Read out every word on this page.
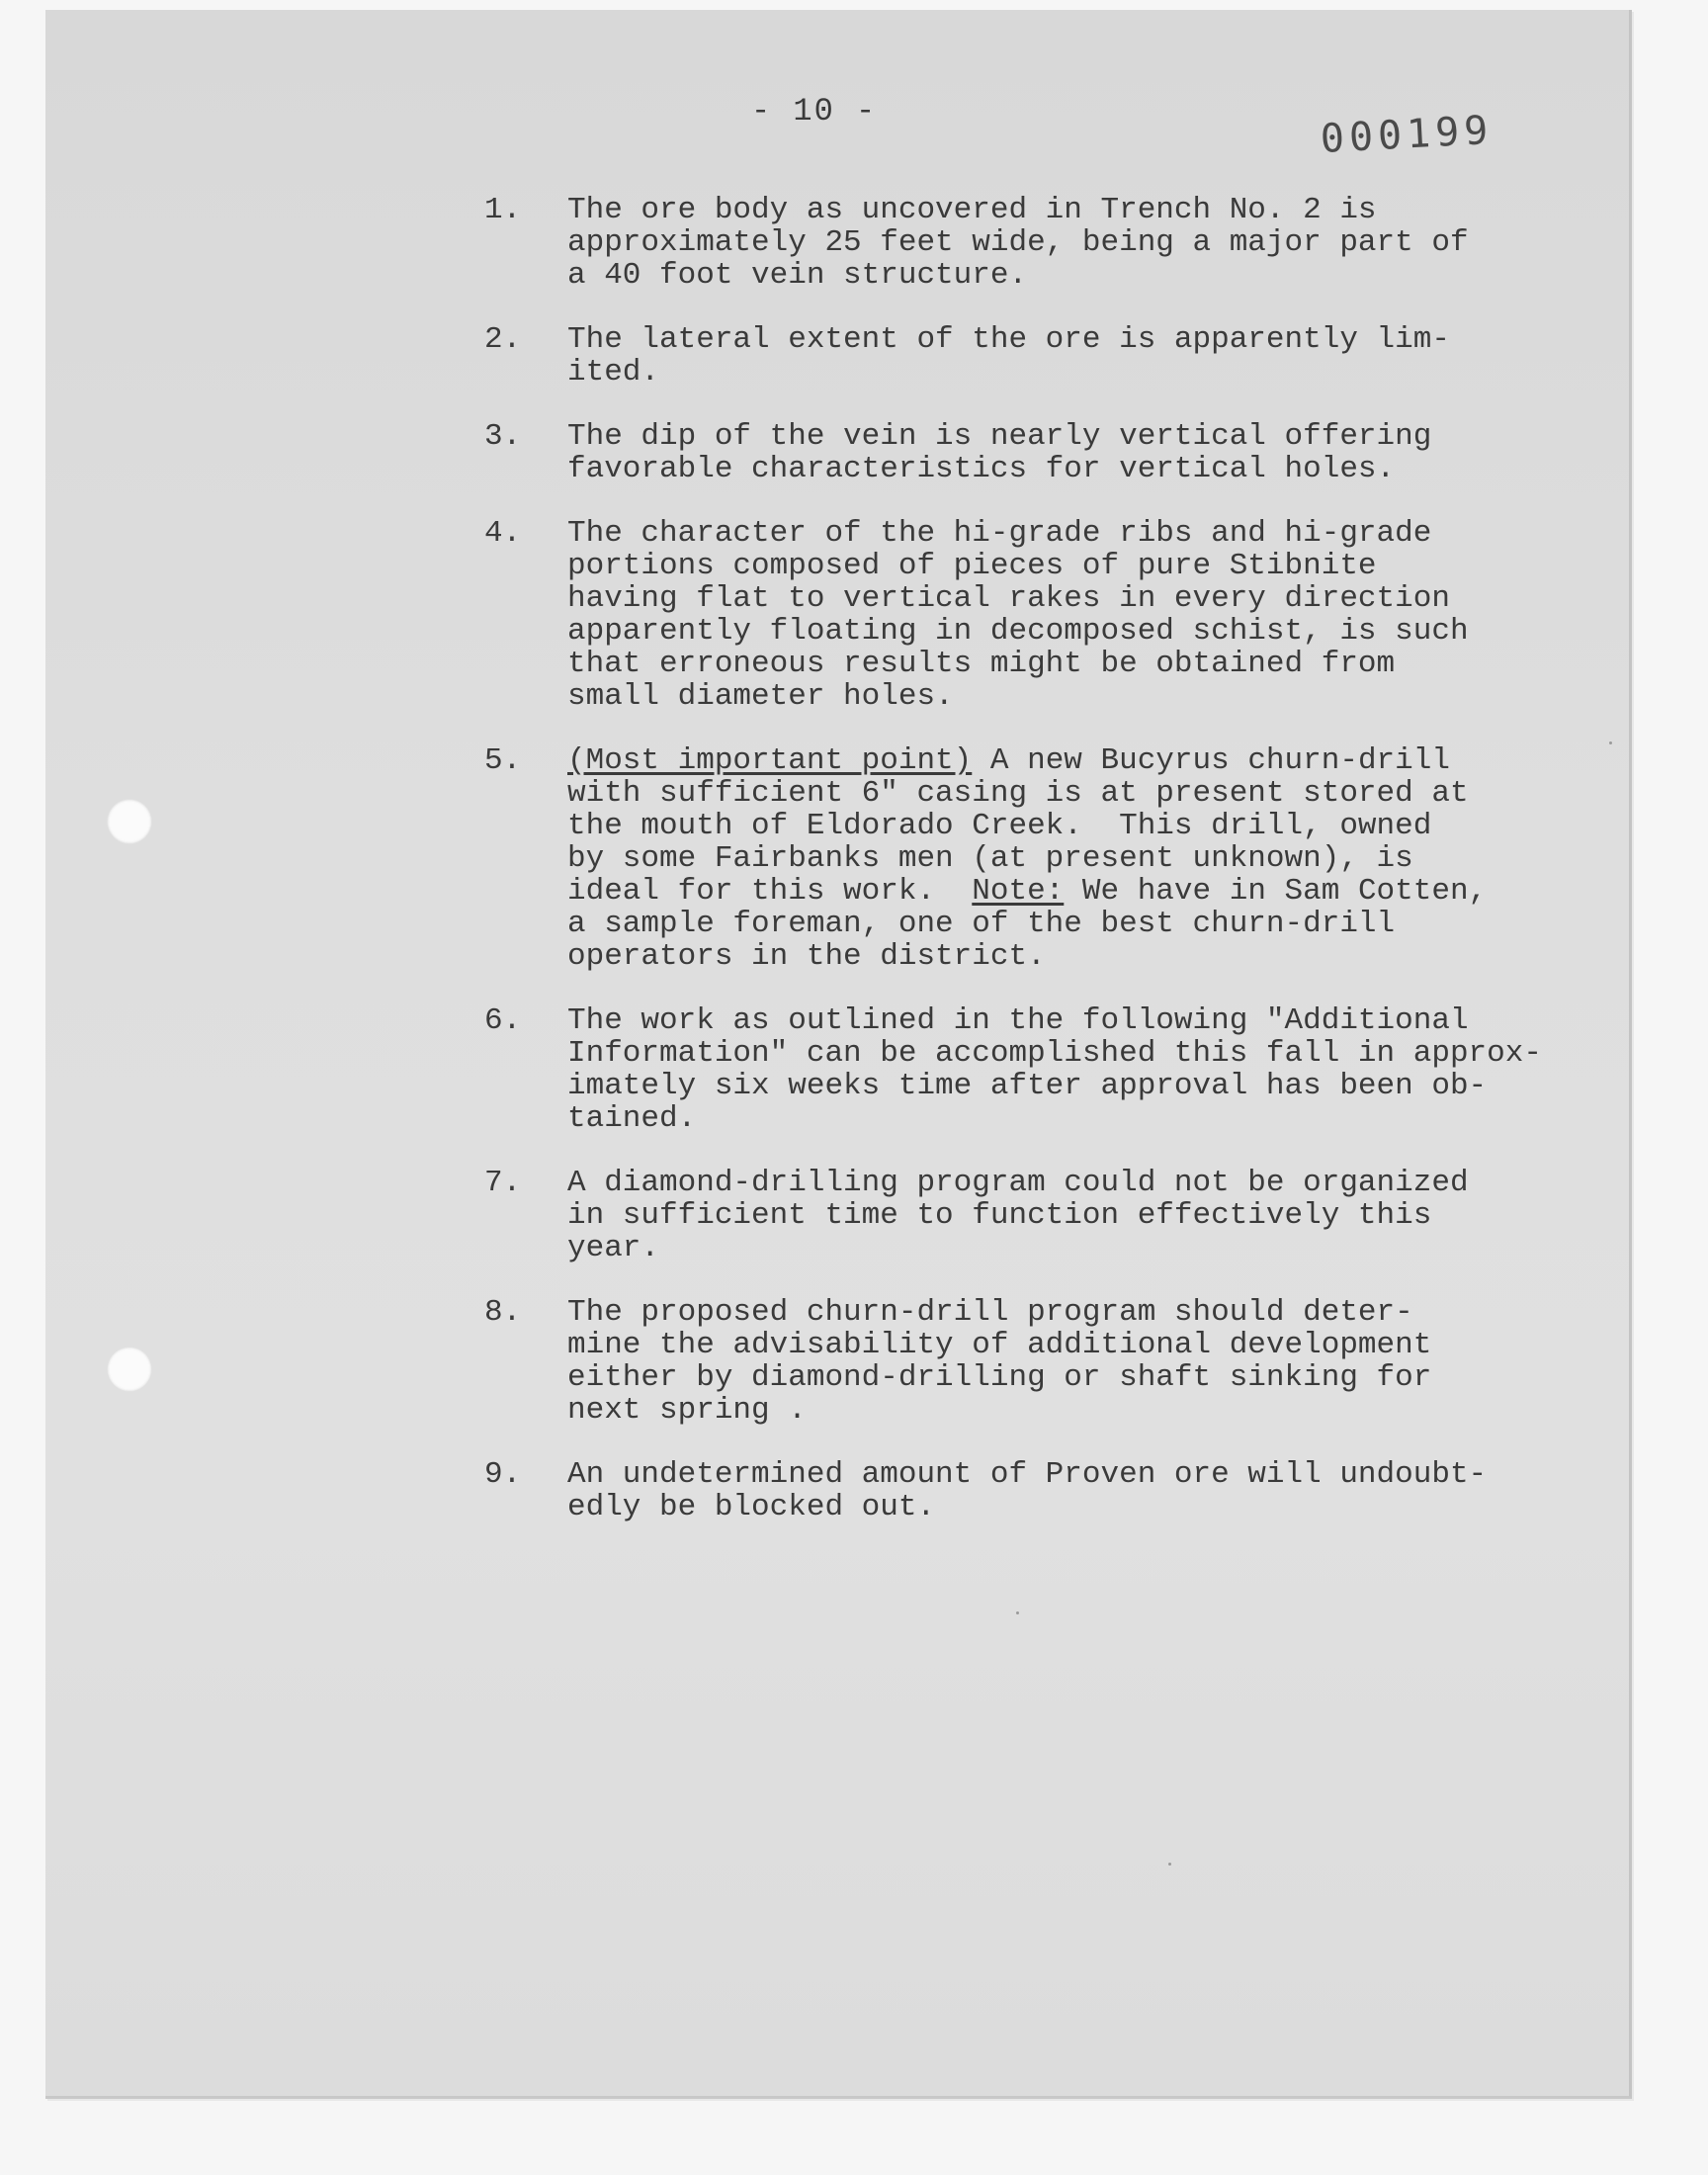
- 10 -	000199
1. The ore body as uncovered in Trench No. 2 is
approximately 25 feet wide, being a major part of
a 40 foot vein structure.
2. The lateral extent of the ore is apparently lim-
ited.
3. The dip of the vein is nearly vertical offering
favorable characteristics for vertical holes.
4. The character of the hi-grade ribs and hi-grade
portions composed of pieces of pure Stibnite
having flat to vertical rakes in every direction
apparently floating in decomposed schist, is such
that erroneous results might be obtained from
small diameter holes.
5. (Most important point) A new Bucyrus churn-drill
with sufficient 6" casing is at present stored at
the mouth of Eldorado Creek.  This drill, owned
by some Fairbanks men (at present unknown), is
ideal for this work.  Note: We have in Sam Cotten,
a sample foreman, one of the best churn-drill
operators in the district.
6. The work as outlined in the following "Additional
Information" can be accomplished this fall in approx-
imately six weeks time after approval has been ob-
tained.
7. A diamond-drilling program could not be organized
in sufficient time to function effectively this
year.
8. The proposed churn-drill program should deter-
mine the advisability of additional development
either by diamond-drilling or shaft sinking for
next spring .
9. An undetermined amount of Proven ore will undoubt-
edly be blocked out.
